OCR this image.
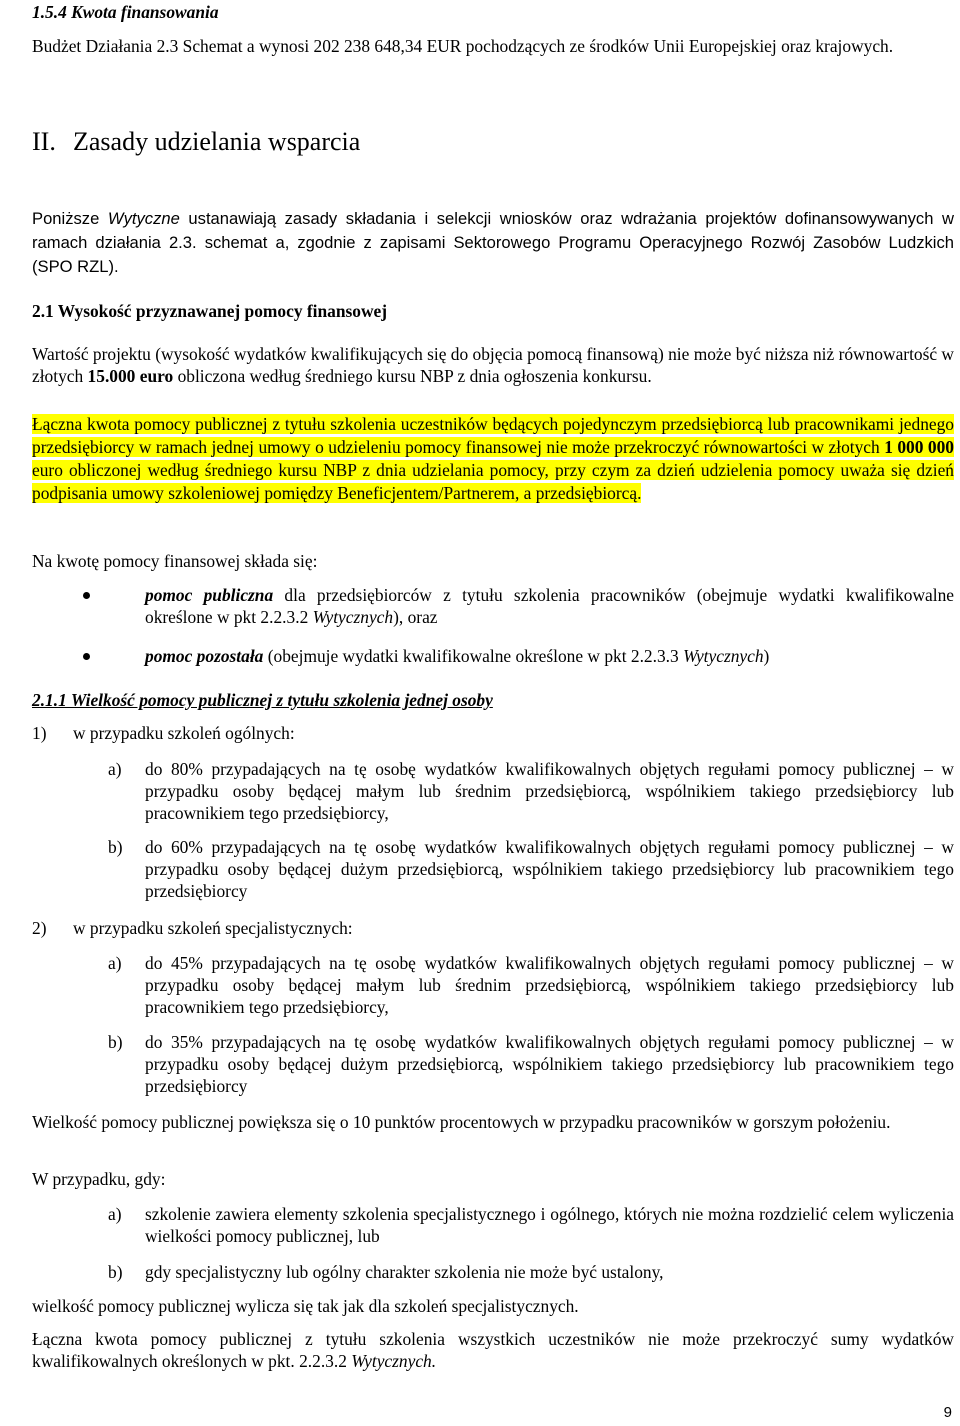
1.5.4 Kwota finansowania
Budżet Działania 2.3 Schemat a wynosi 202 238 648,34 EUR pochodzących ze środków Unii Europejskiej oraz krajowych.
II. Zasady udzielania wsparcia
Poniższe Wytyczne ustanawiają zasady składania i selekcji wniosków oraz wdrażania projektów dofinansowywanych w ramach działania 2.3. schemat a, zgodnie z zapisami Sektorowego Programu Operacyjnego Rozwój Zasobów Ludzkich (SPO RZL).
2.1 Wysokość przyznawanej pomocy finansowej
Wartość projektu (wysokość wydatków kwalifikujących się do objęcia pomocą finansową) nie może być niższa niż równowartość w złotych 15.000 euro obliczona według średniego kursu NBP z dnia ogłoszenia konkursu.
Łączna kwota pomocy publicznej z tytułu szkolenia uczestników będących pojedynczym przedsiębiorcą lub pracownikami jednego przedsiębiorcy w ramach jednej umowy o udzieleniu pomocy finansowej nie może przekroczyć równowartości w złotych 1 000 000 euro obliczonej według średniego kursu NBP z dnia udzielania pomocy, przy czym za dzień udzielenia pomocy uważa się dzień podpisania umowy szkoleniowej pomiędzy Beneficjentem/Partnerem, a przedsiębiorcą.
Na kwotę pomocy finansowej składa się:
pomoc publiczna dla przedsiębiorców z tytułu szkolenia pracowników (obejmuje wydatki kwalifikowalne określone w pkt 2.2.3.2 Wytycznych), oraz
pomoc pozostała (obejmuje wydatki kwalifikowalne określone w pkt 2.2.3.3 Wytycznych)
2.1.1 Wielkość pomocy publicznej z tytułu szkolenia jednej osoby
1) w przypadku szkoleń ogólnych:
a) do 80% przypadających na tę osobę wydatków kwalifikowalnych objętych regułami pomocy publicznej – w przypadku osoby będącej małym lub średnim przedsiębiorcą, wspólnikiem takiego przedsiębiorcy lub pracownikiem tego przedsiębiorcy,
b) do 60% przypadających na tę osobę wydatków kwalifikowalnych objętych regułami pomocy publicznej – w przypadku osoby będącej dużym przedsiębiorcą, wspólnikiem takiego przedsiębiorcy lub pracownikiem tego przedsiębiorcy
2) w przypadku szkoleń specjalistycznych:
a) do 45% przypadających na tę osobę wydatków kwalifikowalnych objętych regułami pomocy publicznej – w przypadku osoby będącej małym lub średnim przedsiębiorcą, wspólnikiem takiego przedsiębiorcy lub pracownikiem tego przedsiębiorcy,
b) do 35% przypadających na tę osobę wydatków kwalifikowalnych objętych regułami pomocy publicznej – w przypadku osoby będącej dużym przedsiębiorcą, wspólnikiem takiego przedsiębiorcy lub pracownikiem tego przedsiębiorcy
Wielkość pomocy publicznej powiększa się o 10 punktów procentowych w przypadku pracowników w gorszym położeniu.
W przypadku, gdy:
a) szkolenie zawiera elementy szkolenia specjalistycznego i ogólnego, których nie można rozdzielić celem wyliczenia wielkości pomocy publicznej, lub
b) gdy specjalistyczny lub ogólny charakter szkolenia nie może być ustalony,
wielkość pomocy publicznej wylicza się tak jak dla szkoleń specjalistycznych.
Łączna kwota pomocy publicznej z tytułu szkolenia wszystkich uczestników nie może przekroczyć sumy wydatków kwalifikowalnych określonych w pkt. 2.2.3.2 Wytycznych.
9
